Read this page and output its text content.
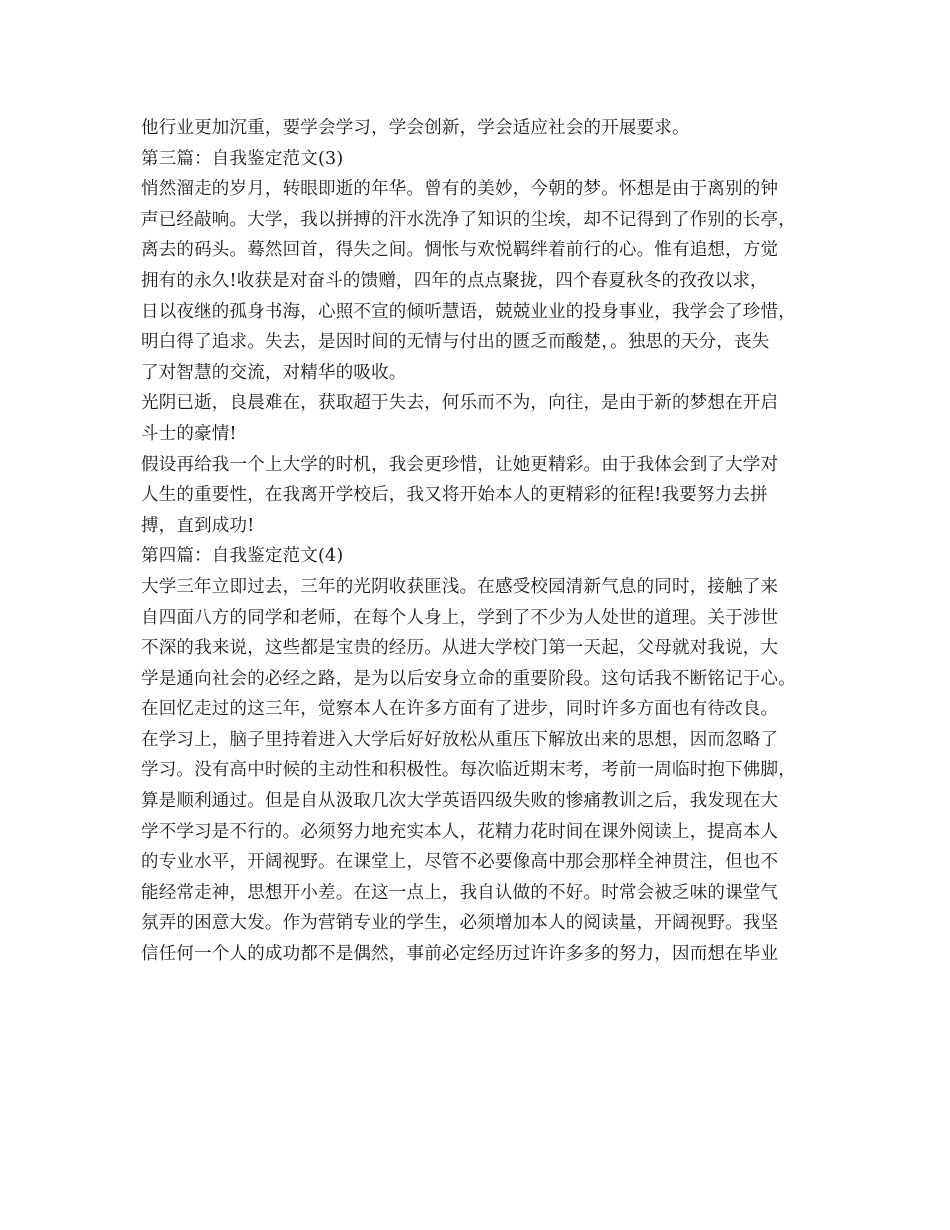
他行业更加沉重，要学会学习，学会创新，学会适应社会的开展要求。
第三篇：自我鉴定范文(3)
悄然溜走的岁月，转眼即逝的年华。曾有的美妙，今朝的梦。怀想是由于离别的钟
声已经敲响。大学，我以拼搏的汗水洗净了知识的尘埃，却不记得到了作别的长亭，
离去的码头。蓦然回首，得失之间。惆怅与欢悦羁绊着前行的心。惟有追想，方觉
拥有的永久!收获是对奋斗的馈赠，四年的点点聚拢，四个春夏秋冬的孜孜以求，
日以夜继的孤身书海，心照不宣的倾听慧语，兢兢业业的投身事业，我学会了珍惜，
明白得了追求。失去，是因时间的无情与付出的匮乏而酸楚，。独思的天分，丧失
了对智慧的交流，对精华的吸收。
光阴已逝，良晨难在，获取超于失去，何乐而不为，向往，是由于新的梦想在开启
斗士的豪情!
假设再给我一个上大学的时机，我会更珍惜，让她更精彩。由于我体会到了大学对
人生的重要性，在我离开学校后，我又将开始本人的更精彩的征程!我要努力去拼
搏，直到成功!
第四篇：自我鉴定范文(4)
大学三年立即过去，三年的光阴收获匪浅。在感受校园清新气息的同时，接触了来
自四面八方的同学和老师，在每个人身上，学到了不少为人处世的道理。关于涉世
不深的我来说，这些都是宝贵的经历。从进大学校门第一天起，父母就对我说，大
学是通向社会的必经之路，是为以后安身立命的重要阶段。这句话我不断铭记于心。
在回忆走过的这三年，觉察本人在许多方面有了进步，同时许多方面也有待改良。
在学习上，脑子里持着进入大学后好好放松从重压下解放出来的思想，因而忽略了
学习。没有高中时候的主动性和积极性。每次临近期末考，考前一周临时抱下佛脚，
算是顺利通过。但是自从汲取几次大学英语四级失败的惨痛教训之后，我发现在大
学不学习是不行的。必须努力地充实本人，花精力花时间在课外阅读上，提高本人
的专业水平，开阔视野。在课堂上，尽管不必要像高中那会那样全神贯注，但也不
能经常走神，思想开小差。在这一点上，我自认做的不好。时常会被乏味的课堂气
氛弄的困意大发。作为营销专业的学生，必须增加本人的阅读量，开阔视野。我坚
信任何一个人的成功都不是偶然，事前必定经历过许许多多的努力，因而想在毕业
